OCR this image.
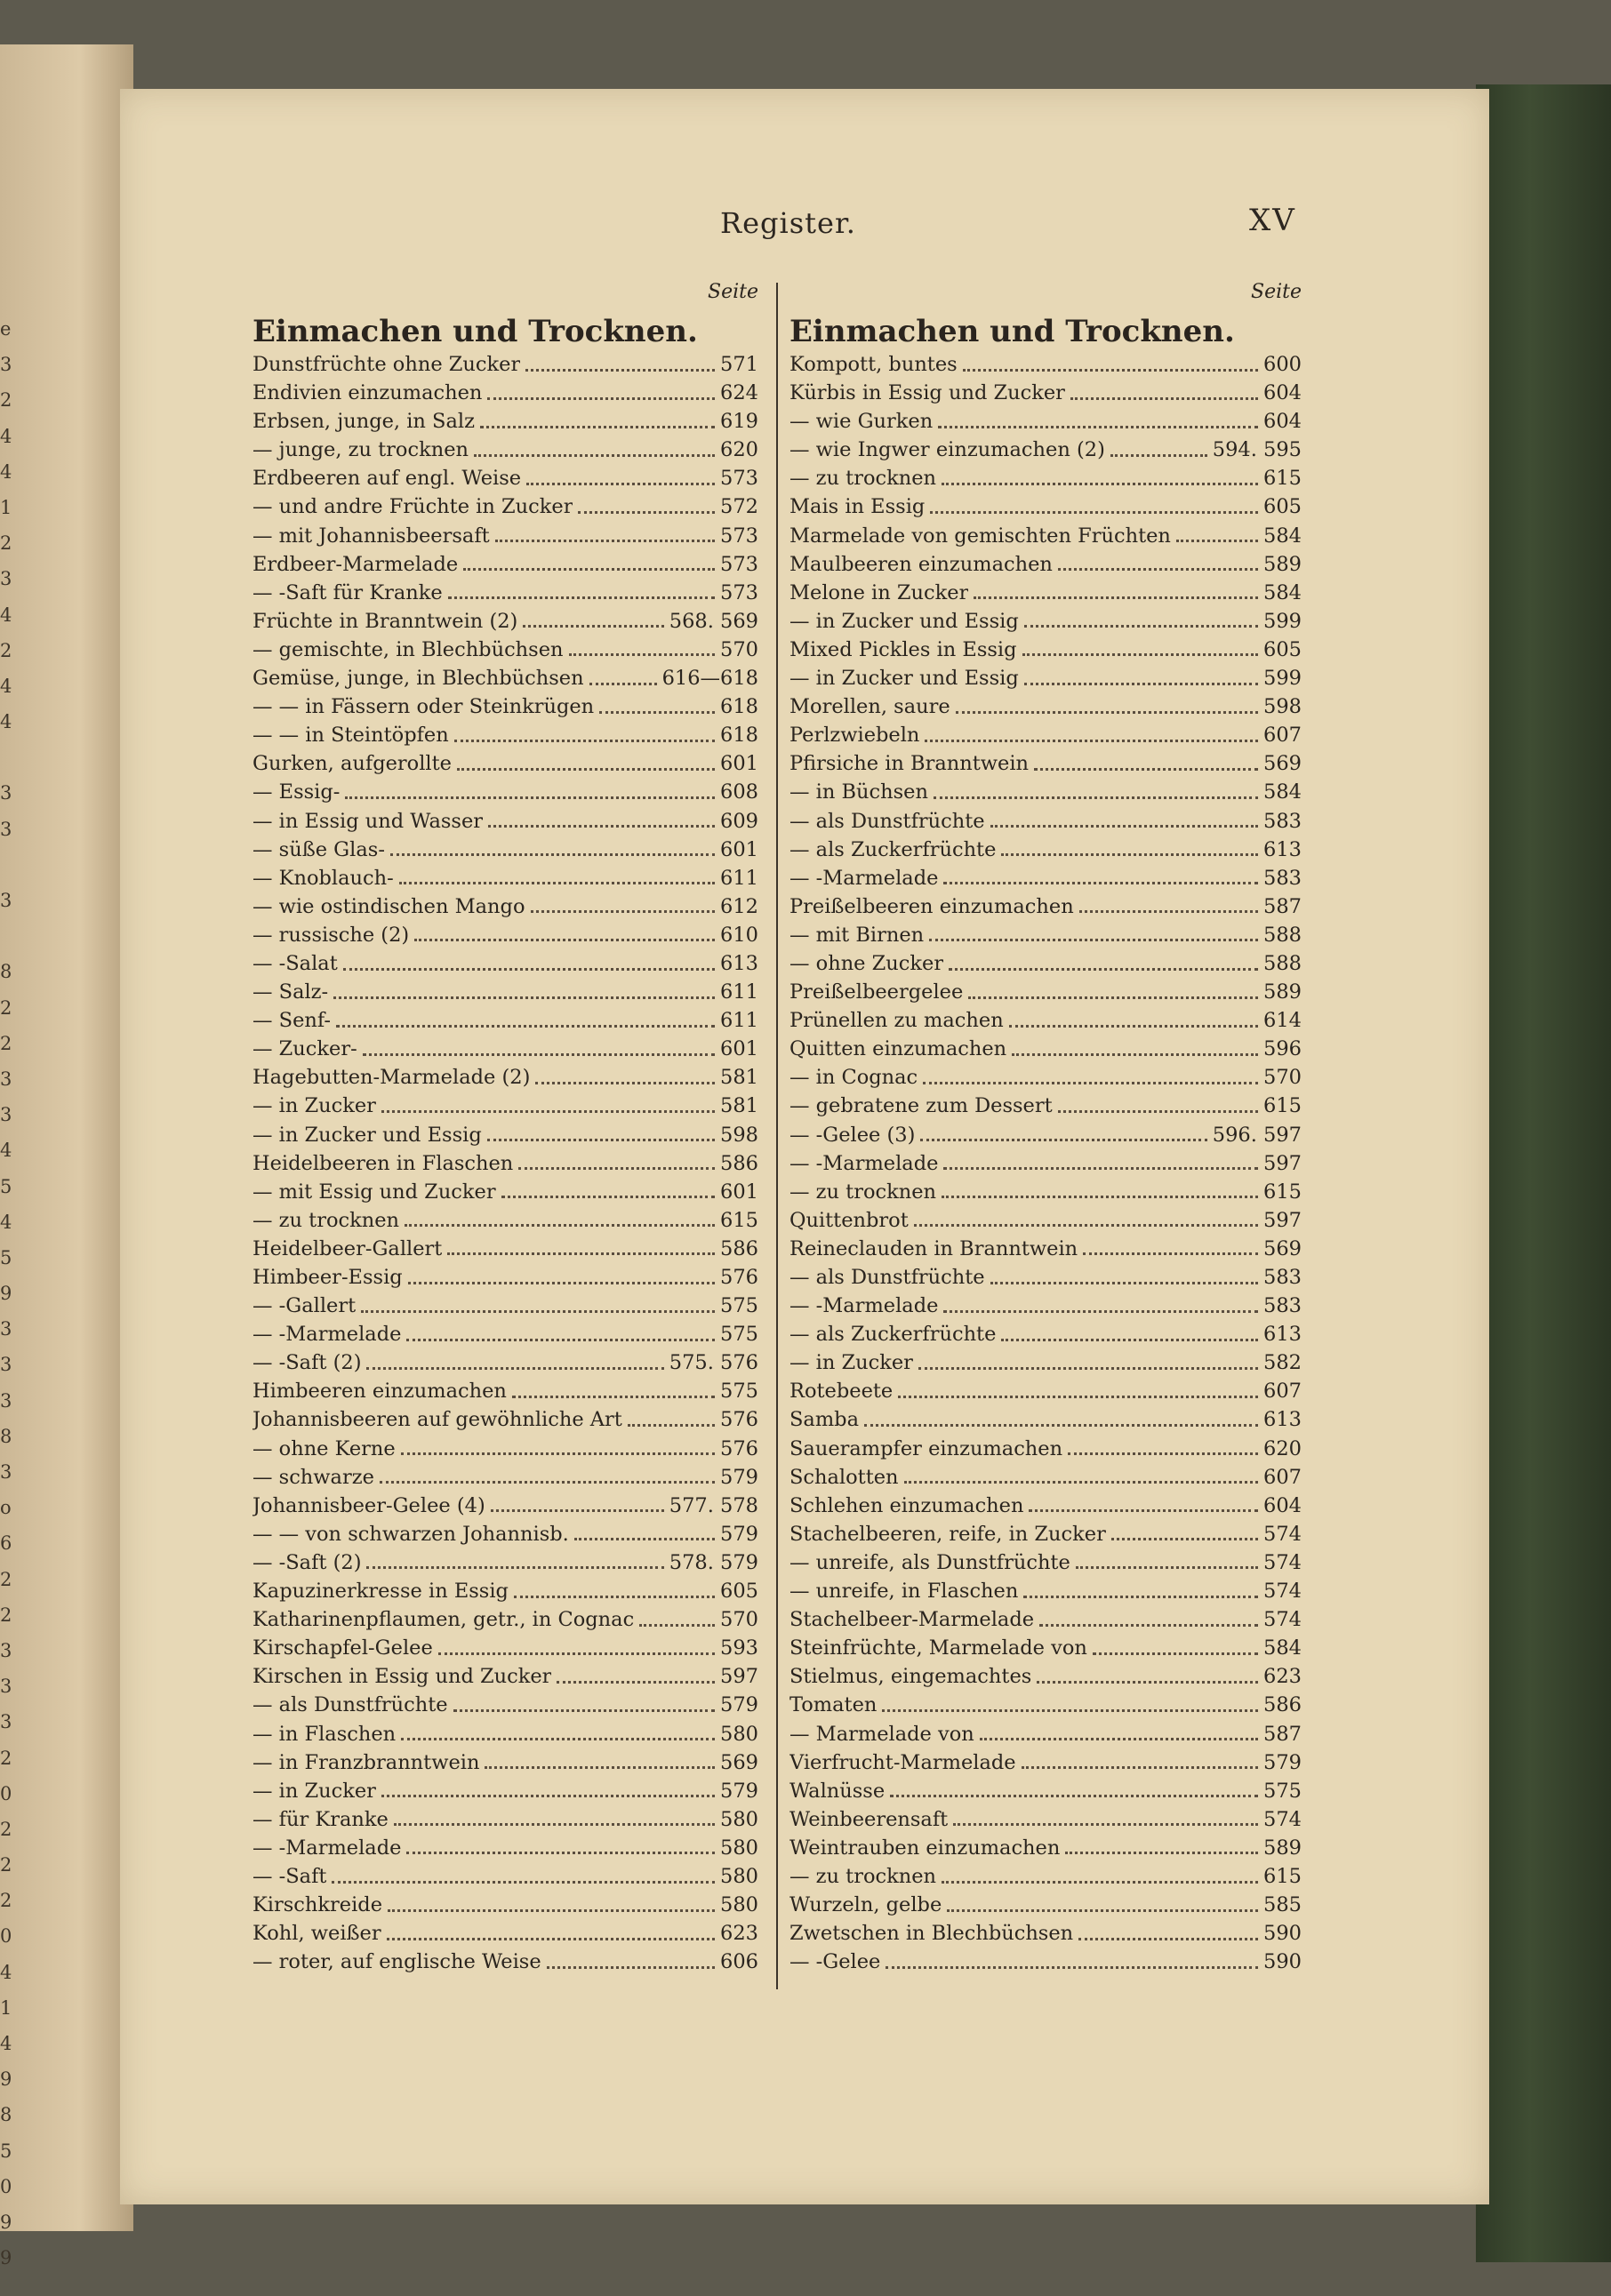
e
3
2
4
4
1
2
3
4
2
4
4
3
3
3
8
2
2
3
3
4
5
4
5
9
3
3
3
8
3
o
6
2
2
3
3
3
2
0
2
2
2
0
4
1
4
9
8
5
0
9
9
Register.	XV
Seite
Einmachen und Trocknen.
Dunstfrüchte ohne Zucker	571
Endivien einzumachen	624
Erbsen, junge, in Salz	619
— junge, zu trocknen	620
Erdbeeren auf engl. Weise	573
— und andre Früchte in Zucker	572
— mit Johannisbeersaft	573
Erdbeer-Marmelade	573
— -Saft für Kranke	573
Früchte in Branntwein (2)	568. 569
— gemischte, in Blechbüchsen	570
Gemüse, junge, in Blechbüchsen	616—618
— — in Fässern oder Steinkrügen	618
— — in Steintöpfen	618
Gurken, aufgerollte	601
— Essig-	608
— in Essig und Wasser	609
— süße Glas-	601
— Knoblauch-	611
— wie ostindischen Mango	612
— russische (2)	610
— -Salat	613
— Salz-	611
— Senf-	611
— Zucker-	601
Hagebutten-Marmelade (2)	581
— in Zucker	581
— in Zucker und Essig	598
Heidelbeeren in Flaschen	586
— mit Essig und Zucker	601
— zu trocknen	615
Heidelbeer-Gallert	586
Himbeer-Essig	576
— -Gallert	575
— -Marmelade	575
— -Saft (2)	575. 576
Himbeeren einzumachen	575
Johannisbeeren auf gewöhnliche Art	576
— ohne Kerne	576
— schwarze	579
Johannisbeer-Gelee (4)	577. 578
— — von schwarzen Johannisb.	579
— -Saft (2)	578. 579
Kapuzinerkresse in Essig	605
Katharinenpflaumen, getr., in Cognac	570
Kirschapfel-Gelee	593
Kirschen in Essig und Zucker	597
— als Dunstfrüchte	579
— in Flaschen	580
— in Franzbranntwein	569
— in Zucker	579
— für Kranke	580
— -Marmelade	580
— -Saft	580
Kirschkreide	580
Kohl, weißer	623
— roter, auf englische Weise	606
Seite
Einmachen und Trocknen.
Kompott, buntes	600
Kürbis in Essig und Zucker	604
— wie Gurken	604
— wie Ingwer einzumachen (2)	594. 595
— zu trocknen	615
Mais in Essig	605
Marmelade von gemischten Früchten	584
Maulbeeren einzumachen	589
Melone in Zucker	584
— in Zucker und Essig	599
Mixed Pickles in Essig	605
— in Zucker und Essig	599
Morellen, saure	598
Perlzwiebeln	607
Pfirsiche in Branntwein	569
— in Büchsen	584
— als Dunstfrüchte	583
— als Zuckerfrüchte	613
— -Marmelade	583
Preißelbeeren einzumachen	587
— mit Birnen	588
— ohne Zucker	588
Preißelbeergelee	589
Prünellen zu machen	614
Quitten einzumachen	596
— in Cognac	570
— gebratene zum Dessert	615
— -Gelee (3)	596. 597
— -Marmelade	597
— zu trocknen	615
Quittenbrot	597
Reineclauden in Branntwein	569
— als Dunstfrüchte	583
— -Marmelade	583
— als Zuckerfrüchte	613
— in Zucker	582
Rotebeete	607
Samba	613
Sauerampfer einzumachen	620
Schalotten	607
Schlehen einzumachen	604
Stachelbeeren, reife, in Zucker	574
— unreife, als Dunstfrüchte	574
— unreife, in Flaschen	574
Stachelbeer-Marmelade	574
Steinfrüchte, Marmelade von	584
Stielmus, eingemachtes	623
Tomaten	586
— Marmelade von	587
Vierfrucht-Marmelade	579
Walnüsse	575
Weinbeerensaft	574
Weintrauben einzumachen	589
— zu trocknen	615
Wurzeln, gelbe	585
Zwetschen in Blechbüchsen	590
— -Gelee	590
